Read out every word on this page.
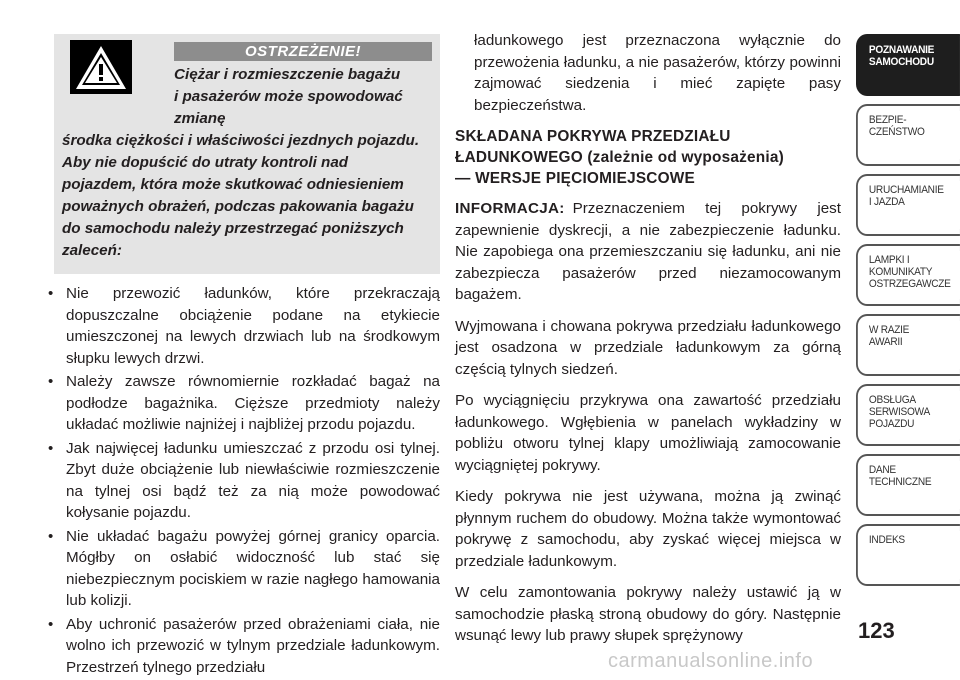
OSTRZEŻENIE!
Ciężar i rozmieszczenie bagażu
i pasażerów może spowodować zmianę
środka ciężkości i właściwości jezdnych pojazdu.
Aby nie dopuścić do utraty kontroli nad
pojazdem, która może skutkować odniesieniem
poważnych obrażeń, podczas pakowania bagażu
do samochodu należy przestrzegać poniższych
zaleceń:
• Nie przewozić ładunków, które przekraczają dopuszczalne obciążenie podane na etykiecie umieszczonej na lewych drzwiach lub na środkowym słupku lewych drzwi.
• Należy zawsze równomiernie rozkładać bagaż na podłodze bagażnika. Cięższe przedmioty należy układać możliwie najniżej i najbliżej przodu pojazdu.
• Jak najwięcej ładunku umieszczać z przodu osi tylnej. Zbyt duże obciążenie lub niewłaściwie rozmieszczenie na tylnej osi bądź też za nią może powodować kołysanie pojazdu.
• Nie układać bagażu powyżej górnej granicy oparcia. Mógłby on osłabić widoczność lub stać się niebezpiecznym pociskiem w razie nagłego hamowania lub kolizji.
• Aby uchronić pasażerów przed obrażeniami ciała, nie wolno ich przewozić w tylnym przedziale ładunkowym. Przestrzeń tylnego przedziału

ładunkowego jest przeznaczona wyłącznie do przewożenia ładunku, a nie pasażerów, którzy powinni zajmować siedzenia i mieć zapięte pasy bezpieczeństwa.

SKŁADANA POKRYWA PRZEDZIAŁU
ŁADUNKOWEGO (zależnie od wyposażenia)
— WERSJE PIĘCIOMIEJSCOWE

INFORMACJA: Przeznaczeniem tej pokrywy jest zapewnienie dyskrecji, a nie zabezpieczenie ładunku. Nie zapobiega ona przemieszczaniu się ładunku, ani nie zabezpiecza pasażerów przed niezamocowanym bagażem.

Wyjmowana i chowana pokrywa przedziału ładunkowego jest osadzona w przedziale ładunkowym za górną częścią tylnych siedzeń.

Po wyciągnięciu przykrywa ona zawartość przedziału ładunkowego. Wgłębienia w panelach wykładziny w pobliżu otworu tylnej klapy umożliwiają zamocowanie wyciągniętej pokrywy.

Kiedy pokrywa nie jest używana, można ją zwinąć płynnym ruchem do obudowy. Można także wymontować pokrywę z samochodu, aby zyskać więcej miejsca w przedziale ładunkowym.

W celu zamontowania pokrywy należy ustawić ją w samochodzie płaską stroną obudowy do góry. Następnie wsunąć lewy lub prawy słupek sprężynowy

POZNAWANIE
SAMOCHODU
BEZPIE-
CZEŃSTWO
URUCHAMIANIE
I JAZDA
LAMPKI I
KOMUNIKATY
OSTRZEGAWCZE
W RAZIE
AWARII
OBSŁUGA
SERWISOWA
POJAZDU
DANE
TECHNICZNE
INDEKS
123
carmanualsonline.info
